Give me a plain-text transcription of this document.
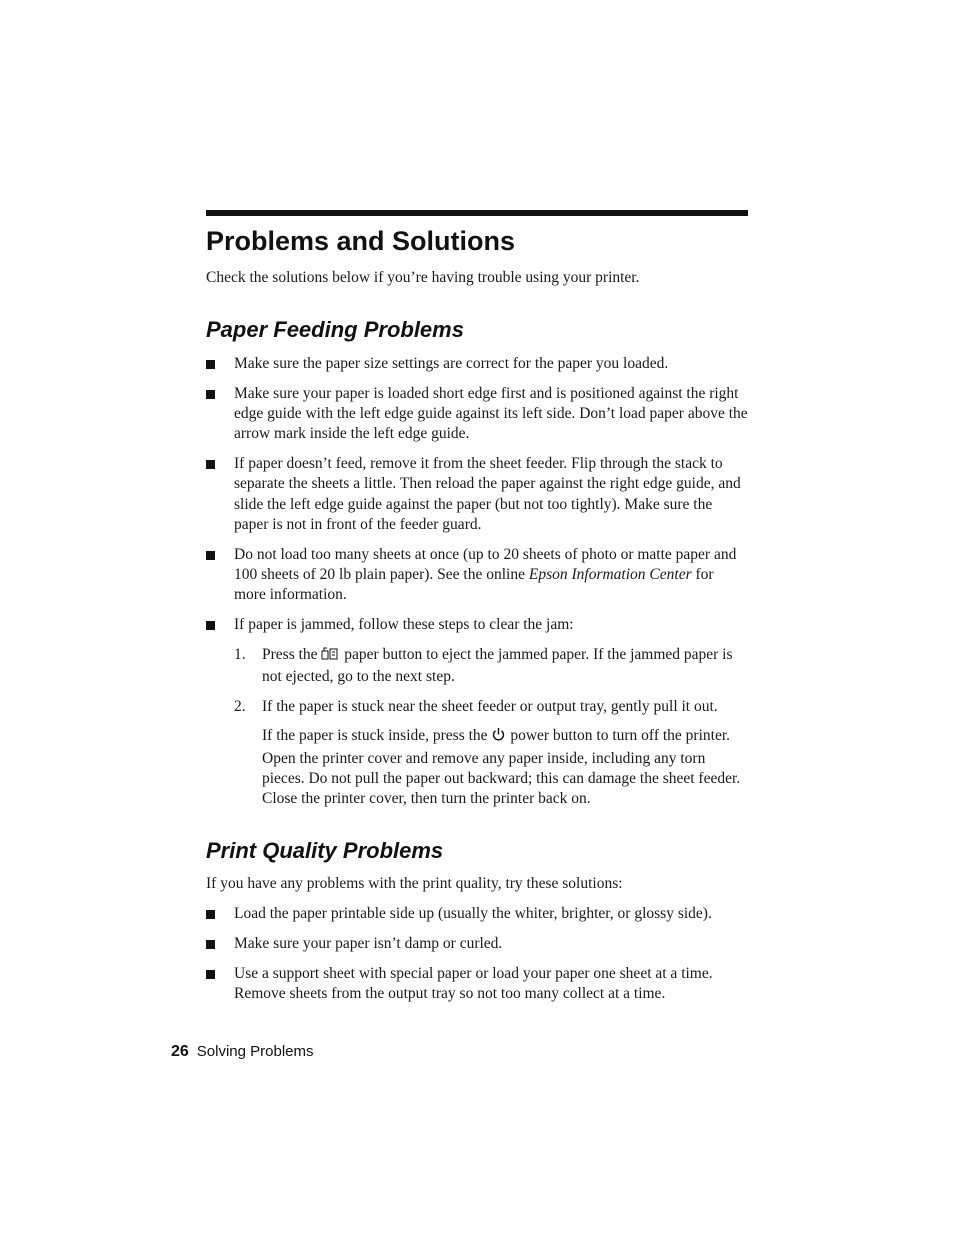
Problems and Solutions

Check the solutions below if you’re having trouble using your printer.

Paper Feeding Problems
Make sure the paper size settings are correct for the paper you loaded.
Make sure your paper is loaded short edge first and is positioned against the right edge guide with the left edge guide against its left side. Don’t load paper above the arrow mark inside the left edge guide.
If paper doesn’t feed, remove it from the sheet feeder. Flip through the stack to separate the sheets a little. Then reload the paper against the right edge guide, and slide the left edge guide against the paper (but not too tightly). Make sure the paper is not in front of the feeder guard.
Do not load too many sheets at once (up to 20 sheets of photo or matte paper and 100 sheets of 20 lb plain paper). See the online Epson Information Center for more information.
If paper is jammed, follow these steps to clear the jam:
1. Press the  paper button to eject the jammed paper. If the jammed paper is not ejected, go to the next step.
2. If the paper is stuck near the sheet feeder or output tray, gently pull it out.
If the paper is stuck inside, press the  power button to turn off the printer. Open the printer cover and remove any paper inside, including any torn pieces. Do not pull the paper out backward; this can damage the sheet feeder. Close the printer cover, then turn the printer back on.
Print Quality Problems

If you have any problems with the print quality, try these solutions:

Load the paper printable side up (usually the whiter, brighter, or glossy side).
Make sure your paper isn’t damp or curled.
Use a support sheet with special paper or load your paper one sheet at a time. Remove sheets from the output tray so not too many collect at a time.
26 Solving Problems
